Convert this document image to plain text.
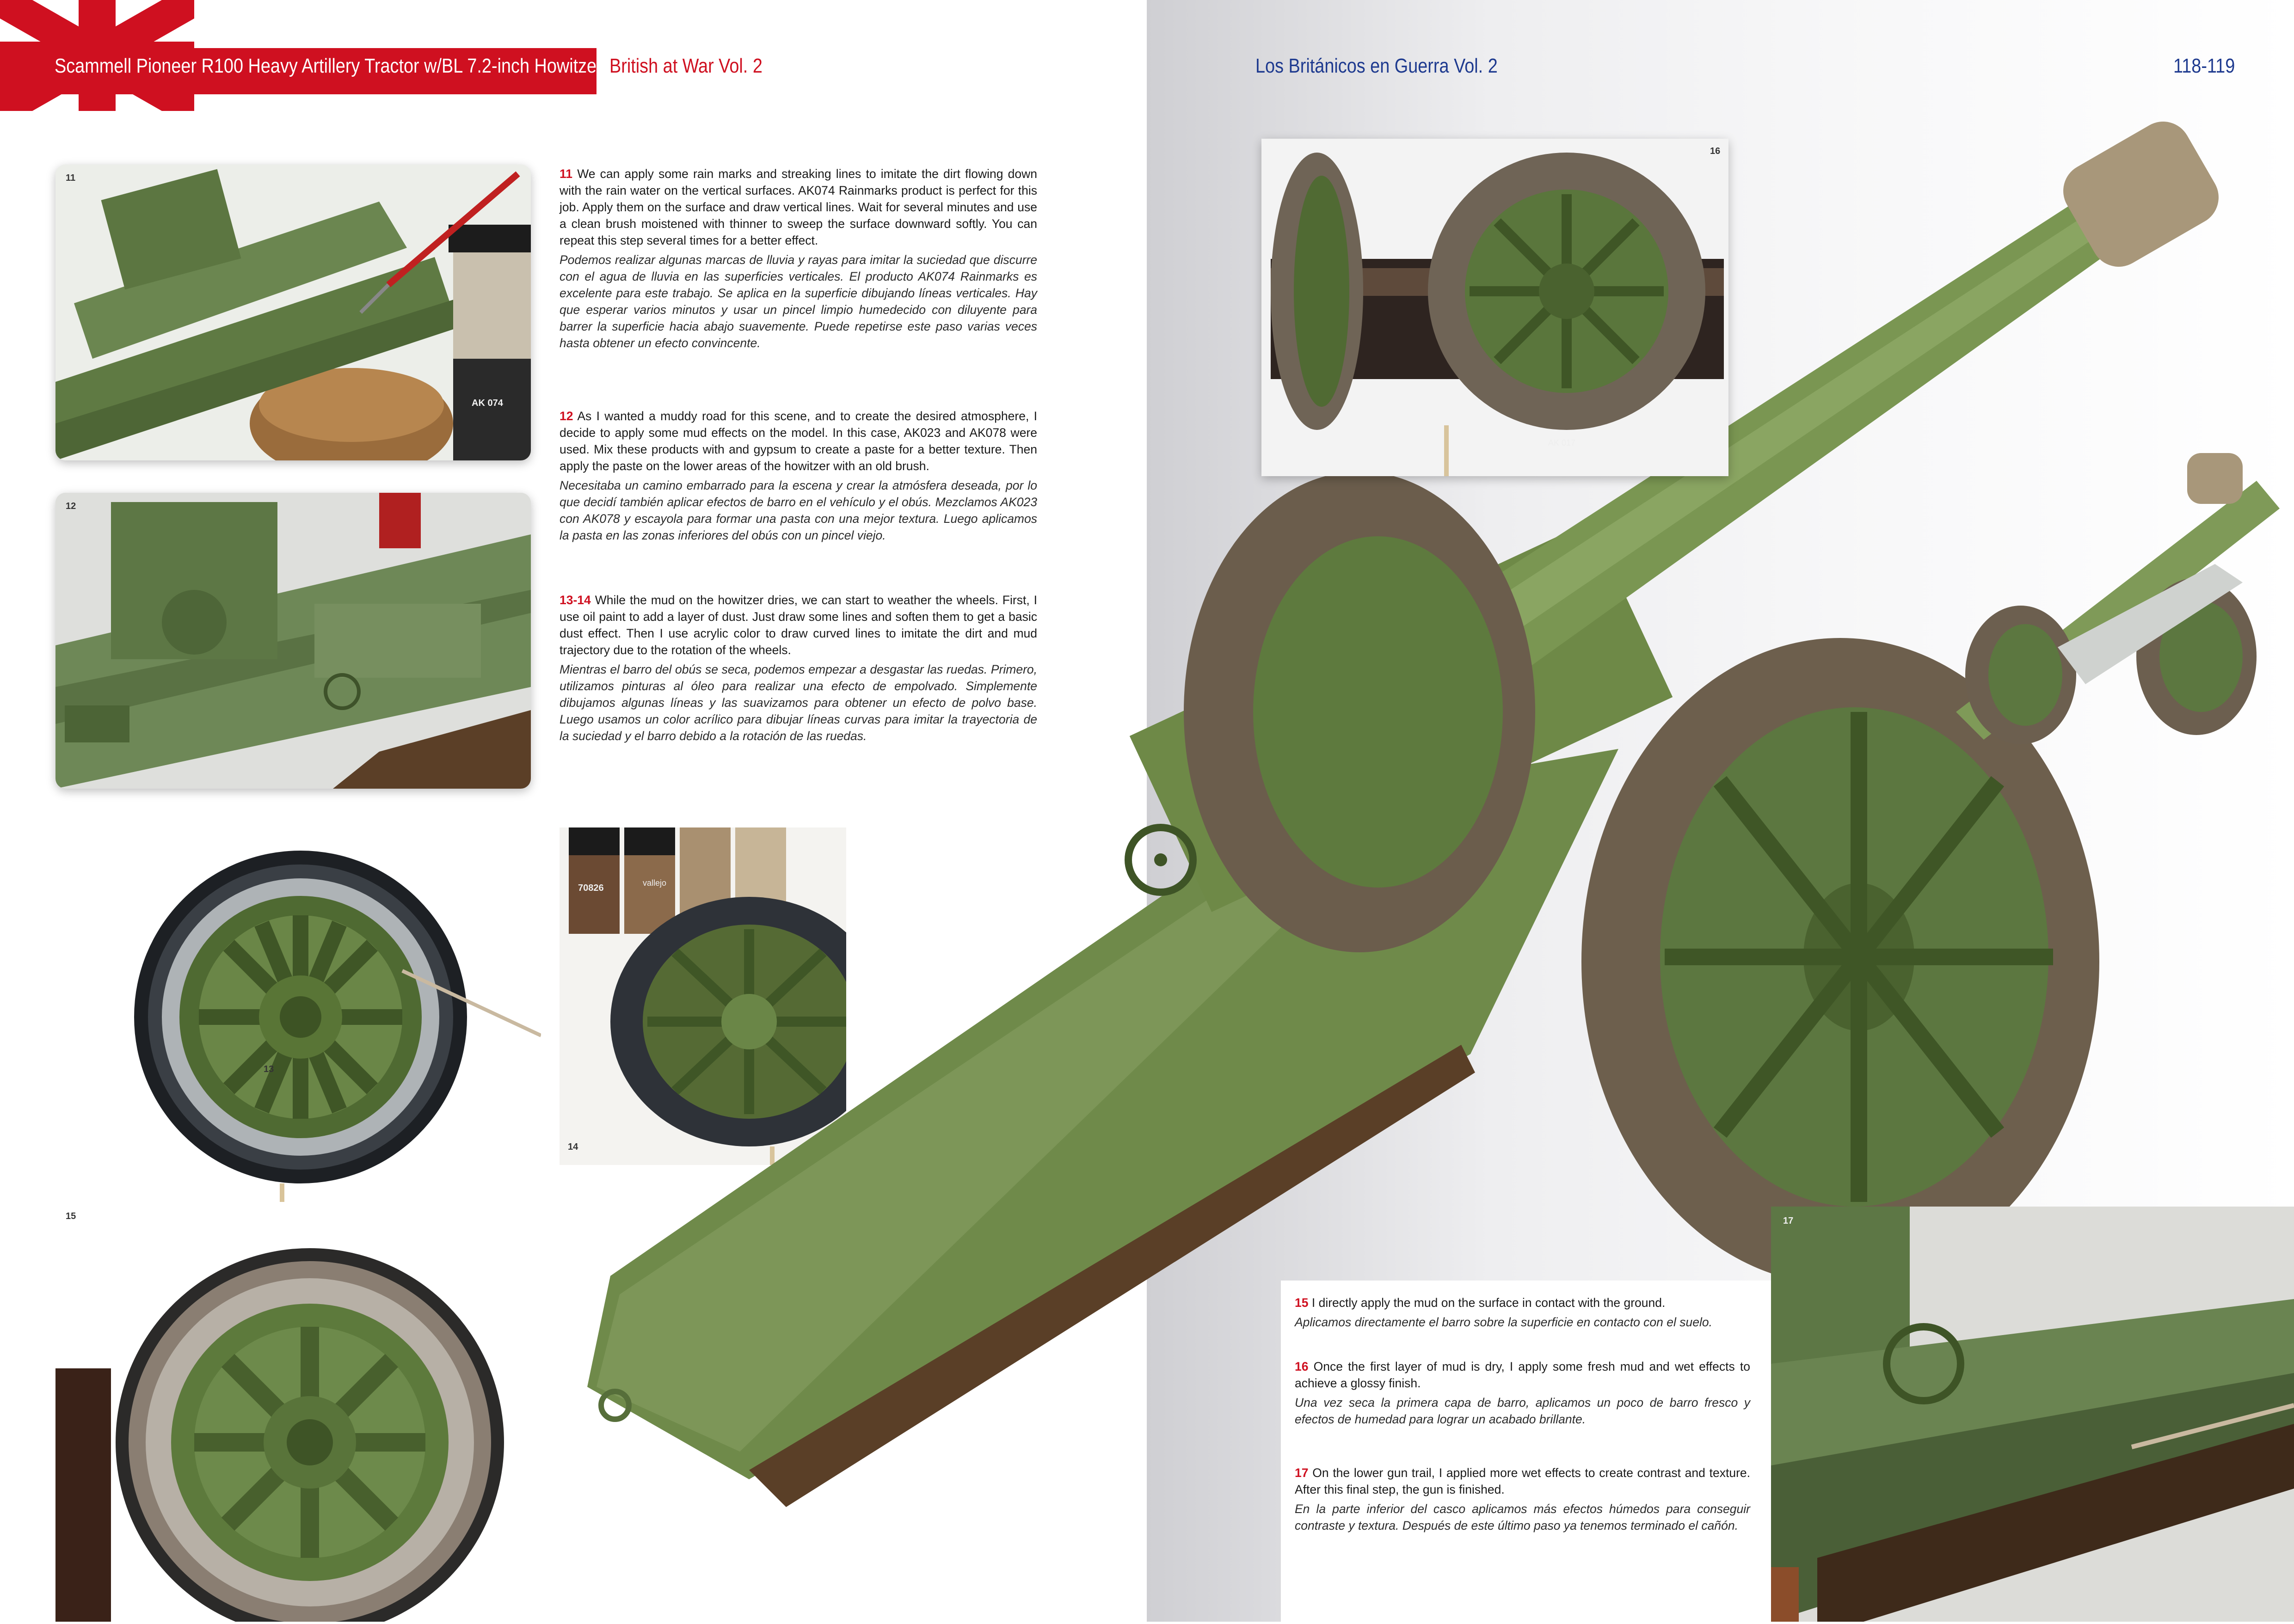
Scammell Pioneer R100 Heavy Artillery Tractor w/BL 7.2-inch Howitzer British at War Vol. 2	Los Británicos en Guerra Vol. 2	118-119
11
AK 074
12

11 We can apply some rain marks and streaking lines to imitate the dirt flowing down with the rain water on the vertical surfaces. AK074 Rainmarks product is perfect for this job. Apply them on the surface and draw vertical lines. Wait for several minutes and use a clean brush moistened with thinner to sweep the surface downward softly. You can repeat this step several times for a better effect.

Podemos realizar algunas marcas de lluvia y rayas para imitar la suciedad que discurre con el agua de lluvia en las superficies verticales. El producto AK074 Rainmarks es excelente para este trabajo. Se aplica en la superficie dibujando líneas verticales. Hay que esperar varios minutos y usar un pincel limpio humedecido con diluyente para barrer la superficie hacia abajo suavemente. Puede repetirse este paso varias veces hasta obtener un efecto convincente.

12 As I wanted a muddy road for this scene, and to create the desired atmosphere, I decide to apply some mud effects on the model. In this case, AK023 and AK078 were used. Mix these products with and gypsum to create a paste for a better texture. Then apply the paste on the lower areas of the howitzer with an old brush.

Necesitaba un camino embarrado para la escena y crear la atmósfera deseada, por lo que decidí también aplicar efectos de barro en el vehículo y el obús. Mezclamos AK023 con AK078 y escayola para formar una pasta con una mejor textura. Luego aplicamos la pasta en las zonas inferiores del obús con un pincel viejo.

13-14 While the mud on the howitzer dries, we can start to weather the wheels. First, I use oil paint to add a layer of dust. Just draw some lines and soften them to get a basic dust effect. Then I use acrylic color to draw curved lines to imitate the dirt and mud trajectory due to the rotation of the wheels.

Mientras el barro del obús se seca, podemos empezar a desgastar las ruedas. Primero, utilizamos pinturas al óleo para realizar una efecto de empolvado. Simplemente dibujamos algunas líneas y las suavizamos para obtener un efecto de polvo base. Luego usamos un color acrílico para dibujar líneas curvas para imitar la trayectoria de la suciedad y el barro debido a la rotación de las ruedas.

13
70826	vallejo
14
15
AK 017
16

15 I directly apply the mud on the surface in contact with the ground.

Aplicamos directamente el barro sobre la superficie en contacto con el suelo.

16 Once the first layer of mud is dry, I apply some fresh mud and wet effects to achieve a glossy finish.

Una vez seca la primera capa de barro, aplicamos un poco de barro fresco y efectos de humedad para lograr un acabado brillante.

17 On the lower gun trail, I applied more wet effects to create contrast and texture. After this final step, the gun is finished.

En la parte inferior del casco aplicamos más efectos húmedos para conseguir contraste y textura. Después de este último paso ya tenemos terminado el cañón.

17
